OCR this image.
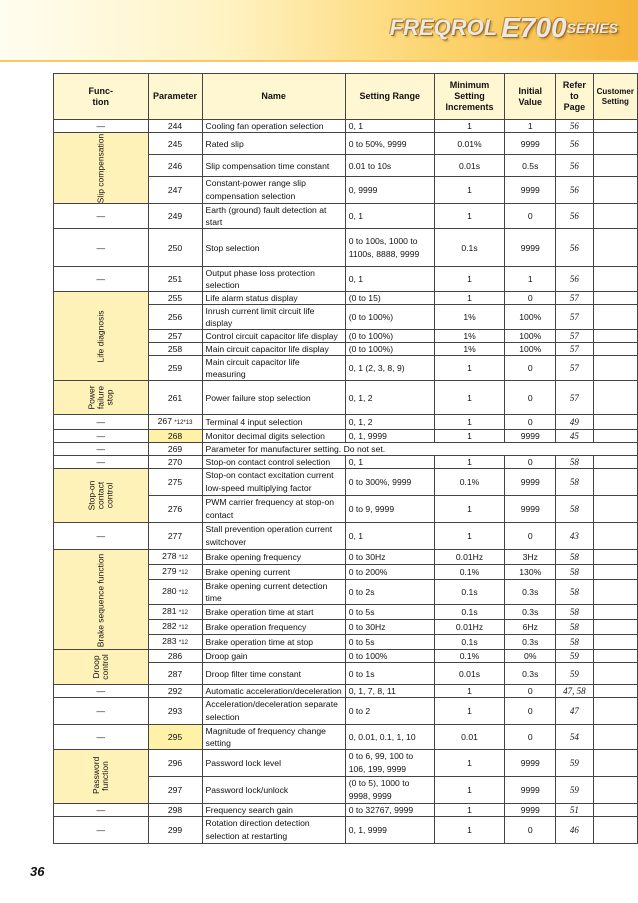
FREQROL E700SERIES
Func-
tion	Parameter	Name	Setting Range	Minimum
Setting
Increments	Initial
Value	Refer
to
Page	Customer
Setting
—	244	Cooling fan operation selection	0, 1	1	1	56	
Slip compensation	245	Rated slip	0 to 50%, 9999	0.01%	9999	56	
	246	Slip compensation time constant	0.01 to 10s	0.01s	0.5s	56	
	247	Constant-power range slip compensation selection	0, 9999	1	9999	56	
—	249	Earth (ground) fault detection at start	0, 1	1	0	56	
—	250	Stop selection	0 to 100s, 1000 to 1100s, 8888, 9999	0.1s	9999	56	
—	251	Output phase loss protection selection	0, 1	1	1	56	
Life diagnosis	255	Life alarm status display	(0 to 15)	1	0	57	
	256	Inrush current limit circuit life display	(0 to 100%)	1%	100%	57	
	257	Control circuit capacitor life display	(0 to 100%)	1%	100%	57	
	258	Main circuit capacitor life display	(0 to 100%)	1%	100%	57	
	259	Main circuit capacitor life measuring	0, 1 (2, 3, 8, 9)	1	0	57	
Power failure stop	261	Power failure stop selection	0, 1, 2	1	0	57	
—	267 *12*13	Terminal 4 input selection	0, 1, 2	1	0	49	
—	268	Monitor decimal digits selection	0, 1, 9999	1	9999	45	
—	269	Parameter for manufacturer setting. Do not set.					
—	270	Stop-on contact control selection	0, 1	1	0	58	
Stop-on contact control	275	Stop-on contact excitation current low-speed multiplying factor	0 to 300%, 9999	0.1%	9999	58	
	276	PWM carrier frequency at stop-on contact	0 to 9, 9999	1	9999	58	
—	277	Stall prevention operation current switchover	0, 1	1	0	43	
Brake sequence function	278 *12	Brake opening frequency	0 to 30Hz	0.01Hz	3Hz	58	
	279 *12	Brake opening current	0 to 200%	0.1%	130%	58	
	280 *12	Brake opening current detection time	0 to 2s	0.1s	0.3s	58	
	281 *12	Brake operation time at start	0 to 5s	0.1s	0.3s	58	
	282 *12	Brake operation frequency	0 to 30Hz	0.01Hz	6Hz	58	
	283 *12	Brake operation time at stop	0 to 5s	0.1s	0.3s	58	
Droop control	286	Droop gain	0 to 100%	0.1%	0%	59	
	287	Droop filter time constant	0 to 1s	0.01s	0.3s	59	
—	292	Automatic acceleration/deceleration	0, 1, 7, 8, 11	1	0	47, 58	
—	293	Acceleration/deceleration separate selection	0 to 2	1	0	47	
—	295	Magnitude of frequency change setting	0, 0.01, 0.1, 1, 10	0.01	0	54	
Password function	296	Password lock level	0 to 6, 99, 100 to 106, 199, 9999	1	9999	59	
	297	Password lock/unlock	(0 to 5), 1000 to 9998, 9999	1	9999	59	
—	298	Frequency search gain	0 to 32767, 9999	1	9999	51	
—	299	Rotation direction detection selection at restarting	0, 1, 9999	1	0	46	
36
